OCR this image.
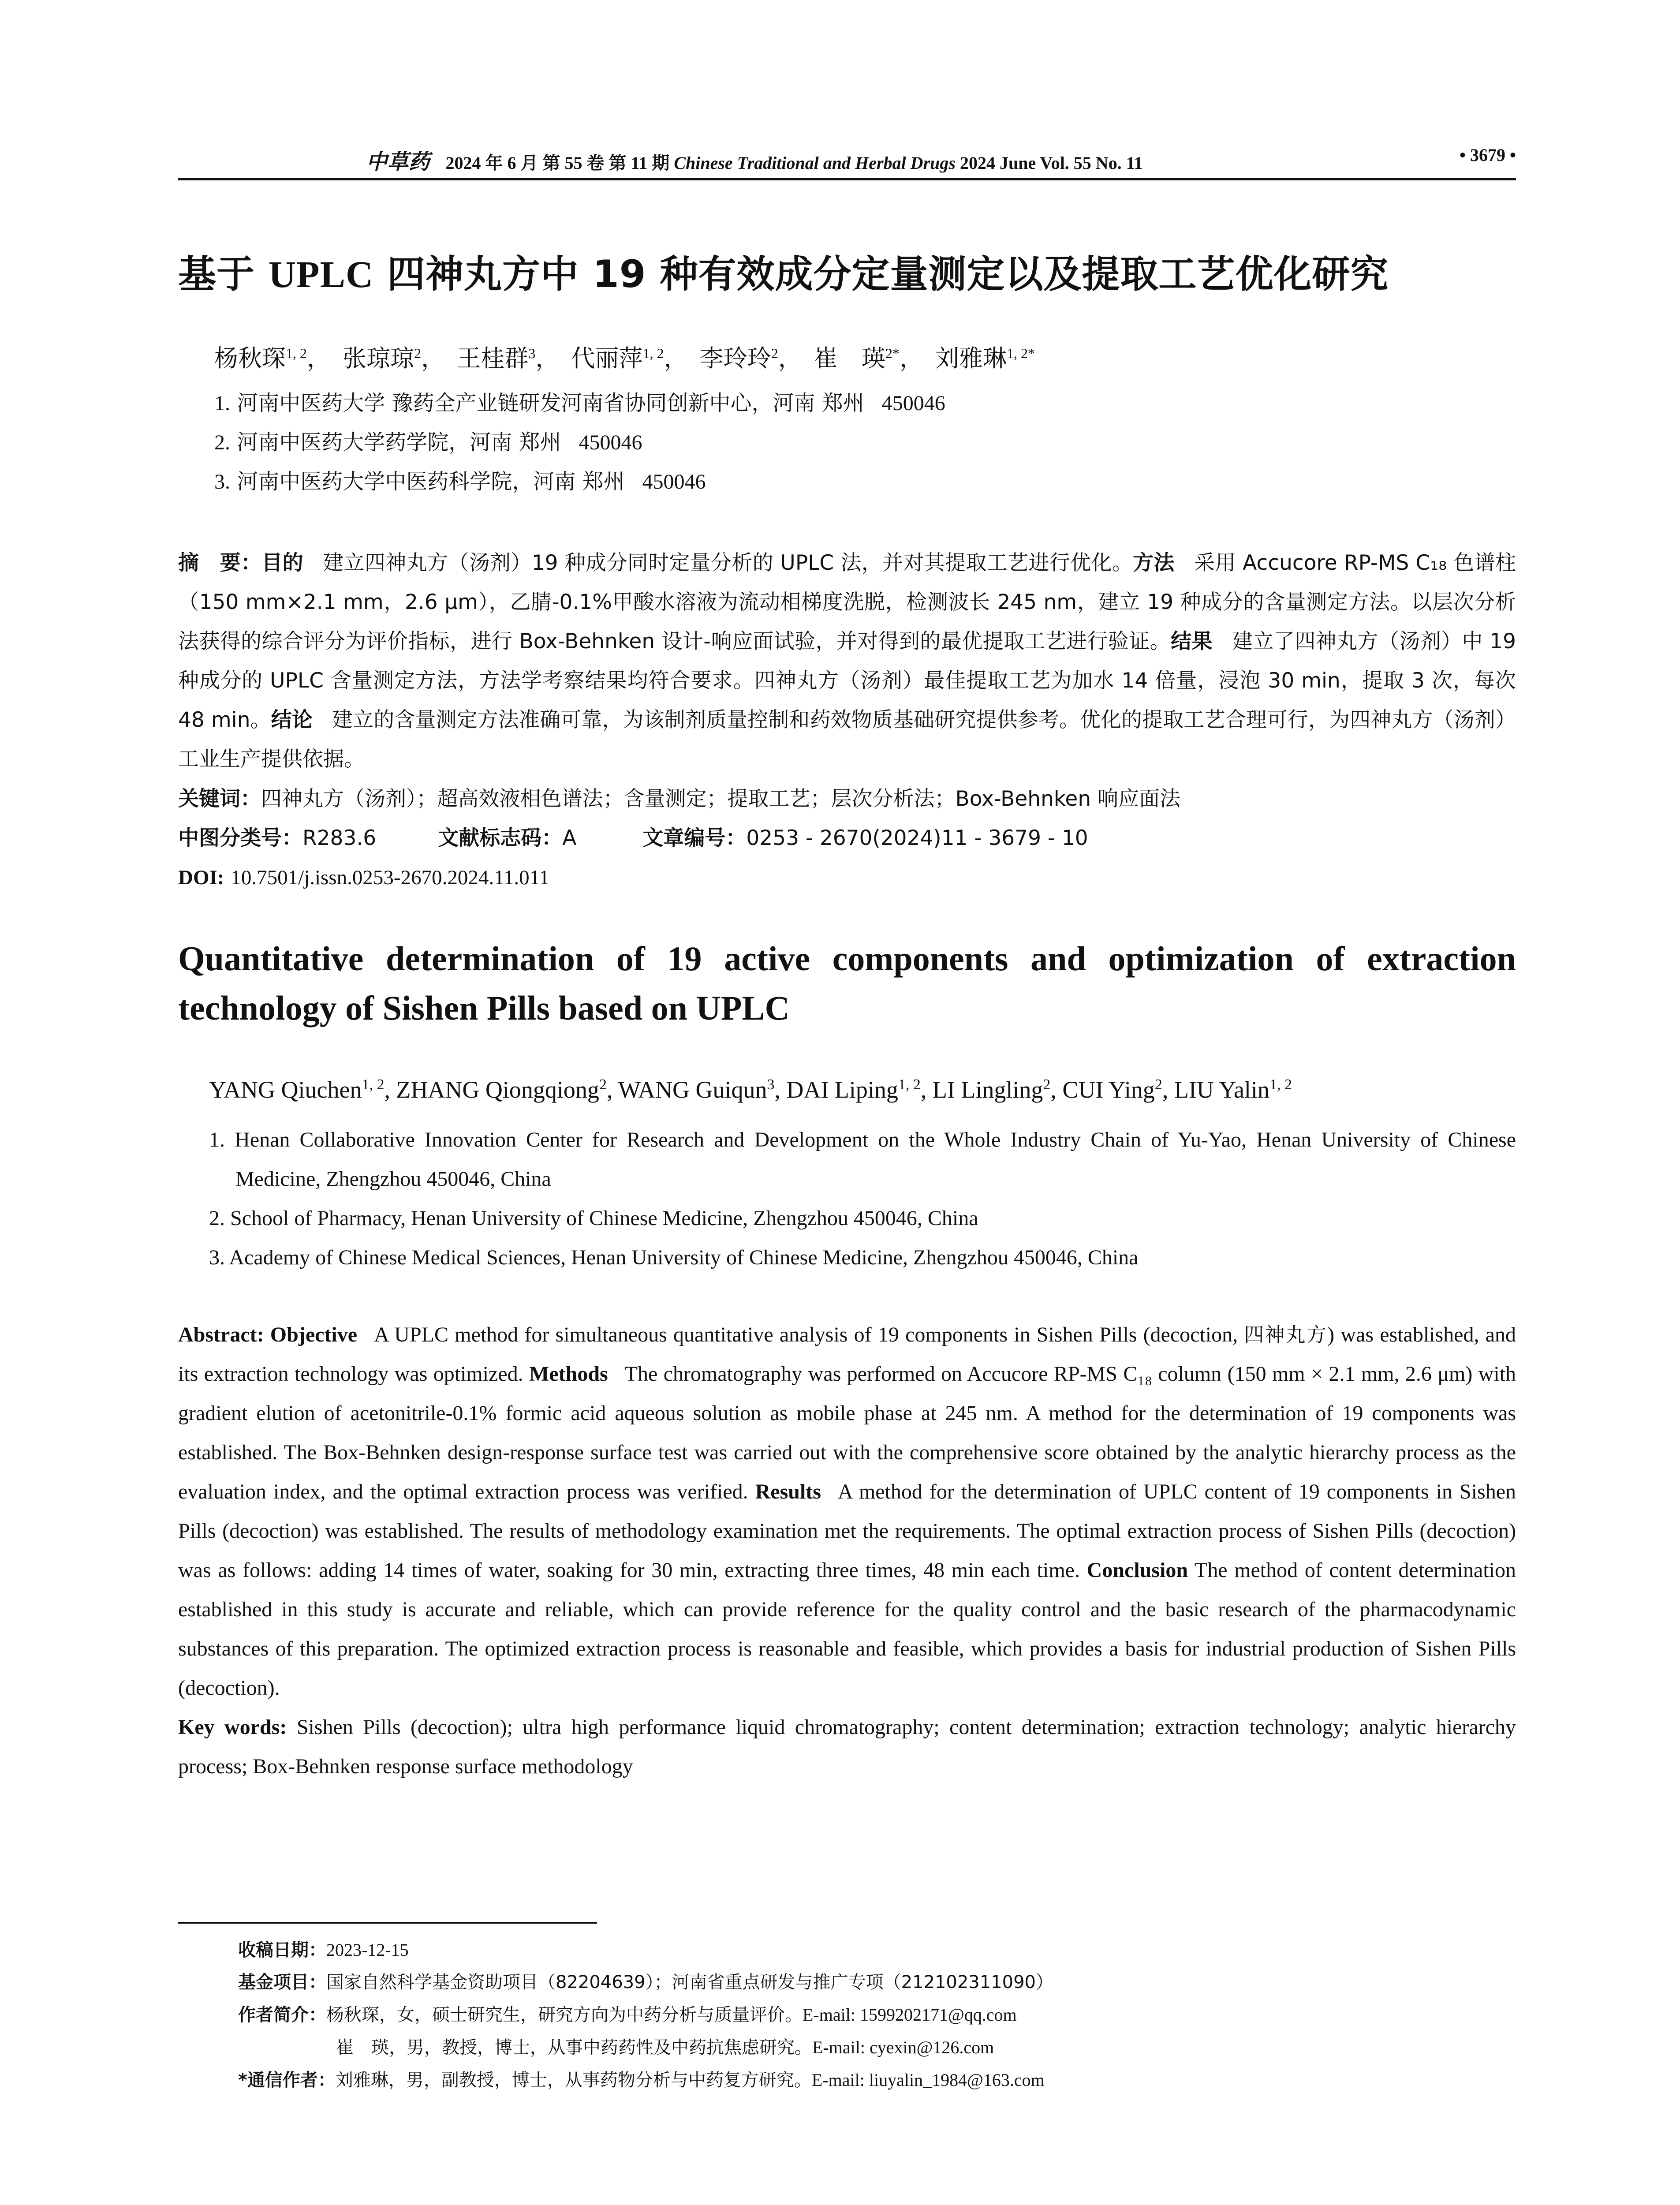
中草药 2024 年 6 月 第 55 卷 第 11 期 Chinese Traditional and Herbal Drugs 2024 June Vol. 55 No. 11	• 3679 •
基于 UPLC 四神丸方中 19 种有效成分定量测定以及提取工艺优化研究
杨秋琛$^{1, 2}$， 张琼琼$^2$， 王桂群$^3$， 代丽萍$^{1, 2}$， 李玲玲$^2$， 崔　瑛$^{2*}$， 刘雅琳$^{1, 2*}$
1. 河南中医药大学 豫药全产业链研发河南省协同创新中心，河南 郑州 450046
2. 河南中医药大学药学院，河南 郑州 450046
3. 河南中医药大学中医药科学院，河南 郑州 450046
摘　要：目的 建立四神丸方（汤剂）19 种成分同时定量分析的 UPLC 法，并对其提取工艺进行优化。方法 采用 Accucore RP-MS C₁₈ 色谱柱（150 mm×2.1 mm，2.6 μm），乙腈-0.1%甲酸水溶液为流动相梯度洗脱，检测波长 245 nm，建立 19 种成分的含量测定方法。以层次分析法获得的综合评分为评价指标，进行 Box-Behnken 设计-响应面试验，并对得到的最优提取工艺进行验证。结果 建立了四神丸方（汤剂）中 19 种成分的 UPLC 含量测定方法，方法学考察结果均符合要求。四神丸方（汤剂）最佳提取工艺为加水 14 倍量，浸泡 30 min，提取 3 次，每次 48 min。结论 建立的含量测定方法准确可靠，为该制剂质量控制和药效物质基础研究提供参考。优化的提取工艺合理可行，为四神丸方（汤剂）工业生产提供依据。
关键词：四神丸方（汤剂）；超高效液相色谱法；含量测定；提取工艺；层次分析法；Box-Behnken 响应面法
中图分类号：R283.6	文献标志码：A	文章编号：0253 - 2670(2024)11 - 3679 - 10
DOI: 10.7501/j.issn.0253-2670.2024.11.011
Quantitative determination of 19 active components and optimization of extraction technology of Sishen Pills based on UPLC
YANG Qiuchen$^{1, 2}$, ZHANG Qiongqiong$^2$, WANG Guiqun$^3$, DAI Liping$^{1, 2}$, LI Lingling$^2$, CUI Ying$^2$, LIU Yalin$^{1, 2}$
1. Henan Collaborative Innovation Center for Research and Development on the Whole Industry Chain of Yu-Yao, Henan University of Chinese Medicine, Zhengzhou 450046, China
2. School of Pharmacy, Henan University of Chinese Medicine, Zhengzhou 450046, China
3. Academy of Chinese Medical Sciences, Henan University of Chinese Medicine, Zhengzhou 450046, China
Abstract: Objective A UPLC method for simultaneous quantitative analysis of 19 components in Sishen Pills (decoction, 四神丸方) was established, and its extraction technology was optimized. Methods The chromatography was performed on Accucore RP-MS C₁₈ column (150 mm × 2.1 mm, 2.6 μm) with gradient elution of acetonitrile-0.1% formic acid aqueous solution as mobile phase at 245 nm. A method for the determination of 19 components was established. The Box-Behnken design-response surface test was carried out with the comprehensive score obtained by the analytic hierarchy process as the evaluation index, and the optimal extraction process was verified. Results A method for the determination of UPLC content of 19 components in Sishen Pills (decoction) was established. The results of methodology examination met the requirements. The optimal extraction process of Sishen Pills (decoction) was as follows: adding 14 times of water, soaking for 30 min, extracting three times, 48 min each time. Conclusion The method of content determination established in this study is accurate and reliable, which can provide reference for the quality control and the basic research of the pharmacodynamic substances of this preparation. The optimized extraction process is reasonable and feasible, which provides a basis for industrial production of Sishen Pills (decoction).
Key words: Sishen Pills (decoction); ultra high performance liquid chromatography; content determination; extraction technology; analytic hierarchy process; Box-Behnken response surface methodology
收稿日期：2023-12-15
基金项目：国家自然科学基金资助项目（82204639）；河南省重点研发与推广专项（212102311090）
作者简介：杨秋琛，女，硕士研究生，研究方向为中药分析与质量评价。E-mail: 1599202171@qq.com
崔　瑛，男，教授，博士，从事中药药性及中药抗焦虑研究。E-mail: cyexin@126.com
*通信作者：刘雅琳，男，副教授，博士，从事药物分析与中药复方研究。E-mail: liuyalin_1984@163.com
